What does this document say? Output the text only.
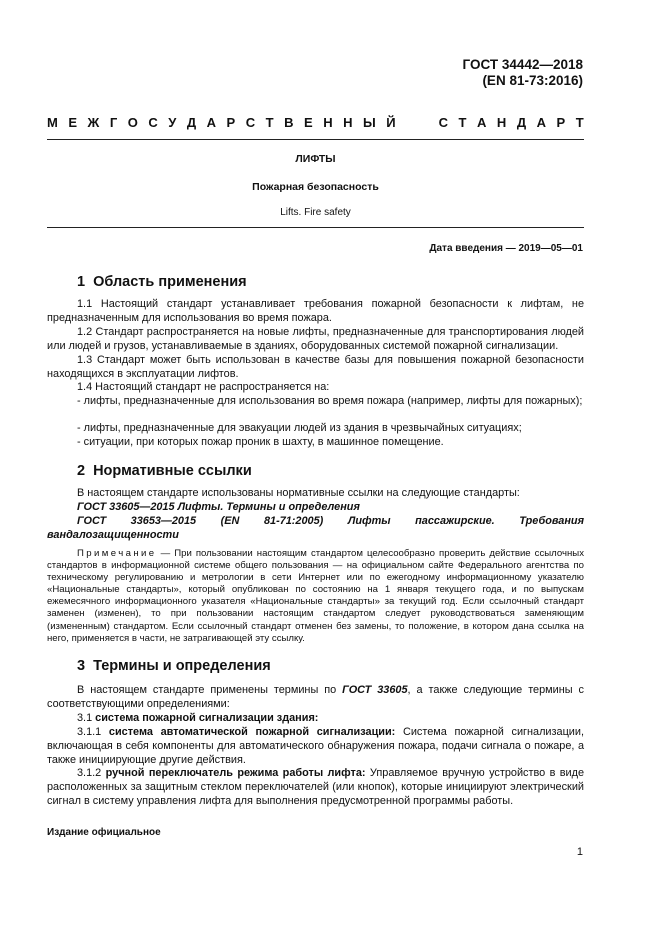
ГОСТ 34442—2018
(EN 81-73:2016)
М Е Ж Г О С У Д А Р С Т В Е Н Н Ы Й	С Т А Н Д А Р Т
ЛИФТЫ
Пожарная безопасность
Lifts. Fire safety
Дата введения — 2019—05—01
1 Область применения
1.1 Настоящий стандарт устанавливает требования пожарной безопасности к лифтам, не предназначенным для использования во время пожара.
1.2 Стандарт распространяется на новые лифты, предназначенные для транспортирования людей или людей и грузов, устанавливаемые в зданиях, оборудованных системой пожарной сигнализации.
1.3 Стандарт может быть использован в качестве базы для повышения пожарной безопасности находящихся в эксплуатации лифтов.
1.4 Настоящий стандарт не распространяется на:
- лифты, предназначенные для использования во время пожара (например, лифты для пожарных);
- лифты, предназначенные для эвакуации людей из здания в чрезвычайных ситуациях;
- ситуации, при которых пожар проник в шахту, в машинное помещение.
2 Нормативные ссылки
В настоящем стандарте использованы нормативные ссылки на следующие стандарты:
ГОСТ 33605—2015 Лифты. Термины и определения
ГОСТ 33653—2015 (EN 81-71:2005) Лифты пассажирские. Требования вандалозащищенности
Примечание — При пользовании настоящим стандартом целесообразно проверить действие ссылочных стандартов в информационной системе общего пользования — на официальном сайте Федерального агентства по техническому регулированию и метрологии в сети Интернет или по ежегодному информационному указателю «Национальные стандарты», который опубликован по состоянию на 1 января текущего года, и по выпускам ежемесячного информационного указателя «Национальные стандарты» за текущий год. Если ссылочный стандарт заменен (изменен), то при пользовании настоящим стандартом следует руководствоваться заменяющим (измененным) стандартом. Если ссылочный стандарт отменен без замены, то положение, в котором дана ссылка на него, применяется в части, не затрагивающей эту ссылку.
3 Термины и определения
В настоящем стандарте применены термины по ГОСТ 33605, а также следующие термины с соответствующими определениями:
3.1 система пожарной сигнализации здания:
3.1.1 система автоматической пожарной сигнализации: Система пожарной сигнализации, включающая в себя компоненты для автоматического обнаружения пожара, подачи сигнала о пожаре, а также инициирующие другие действия.
3.1.2 ручной переключатель режима работы лифта: Управляемое вручную устройство в виде расположенных за защитным стеклом переключателей (или кнопок), которые инициируют электрический сигнал в систему управления лифта для выполнения предусмотренной программы работы.
Издание официальное
1
